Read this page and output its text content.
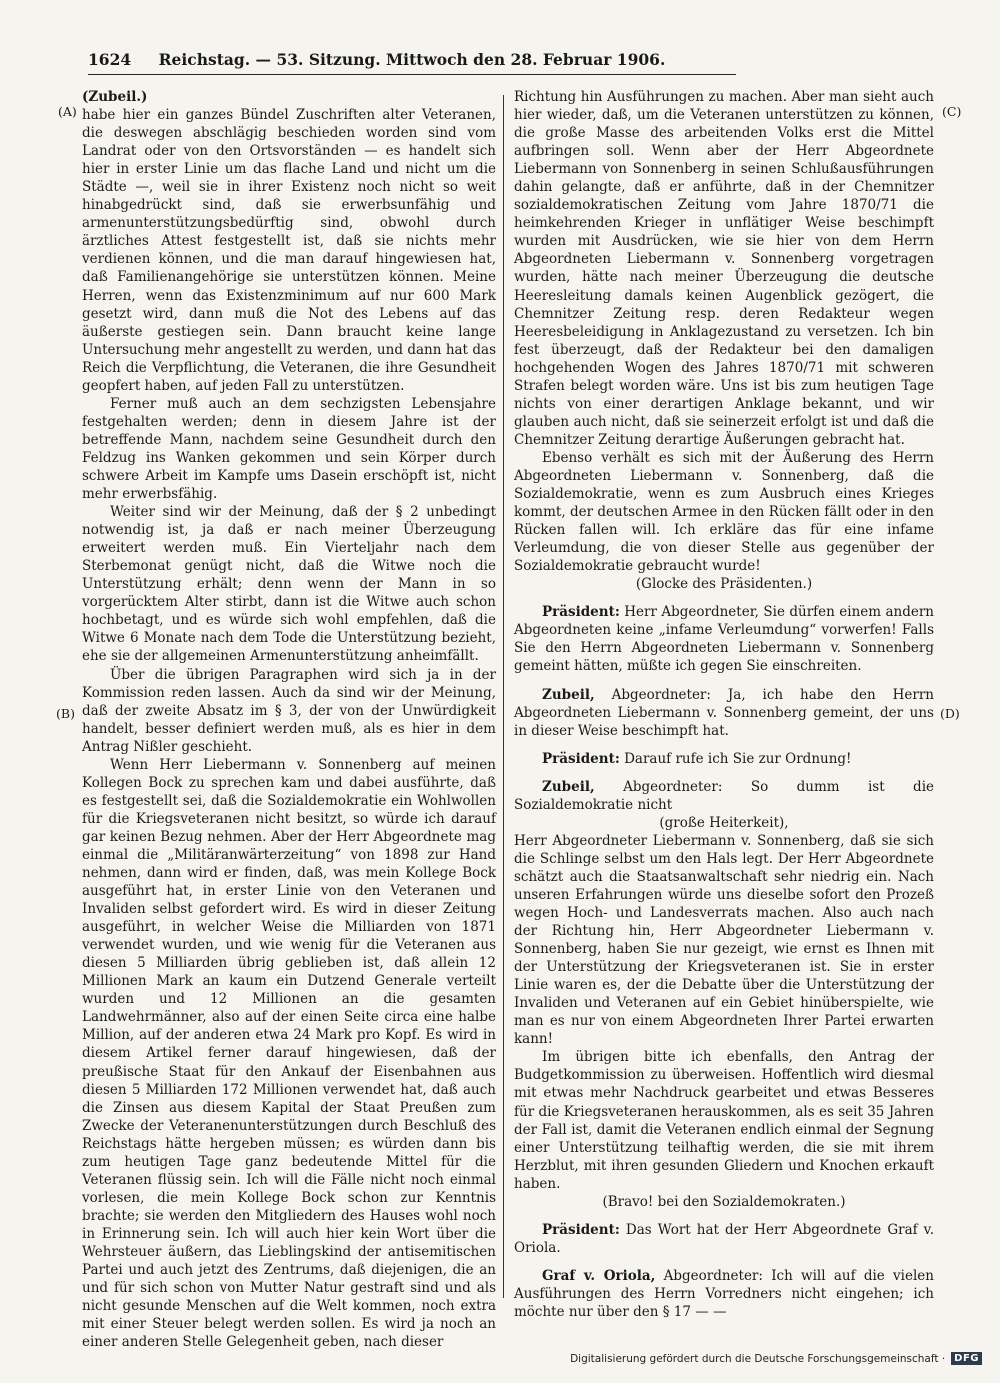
1624	Reichstag. — 53. Sitzung. Mittwoch den 28. Februar 1906.
(A)
(B)
(C)
(D)

(Zubeil.)

habe hier ein ganzes Bündel Zuschriften alter Veteranen, die deswegen abschlägig beschieden worden sind vom Landrat oder von den Ortsvorständen — es handelt sich hier in erster Linie um das flache Land und nicht um die Städte —, weil sie in ihrer Existenz noch nicht so weit hinabgedrückt sind, daß sie erwerbsunfähig und armenunterstützungsbedürftig sind, obwohl durch ärztliches Attest festgestellt ist, daß sie nichts mehr verdienen können, und die man darauf hingewiesen hat, daß Familienangehörige sie unterstützen können. Meine Herren, wenn das Existenzminimum auf nur 600 Mark gesetzt wird, dann muß die Not des Lebens auf das äußerste gestiegen sein. Dann braucht keine lange Untersuchung mehr angestellt zu werden, und dann hat das Reich die Verpflichtung, die Veteranen, die ihre Gesundheit geopfert haben, auf jeden Fall zu unterstützen.

Ferner muß auch an dem sechzigsten Lebensjahre festgehalten werden; denn in diesem Jahre ist der betreffende Mann, nachdem seine Gesundheit durch den Feldzug ins Wanken gekommen und sein Körper durch schwere Arbeit im Kampfe ums Dasein erschöpft ist, nicht mehr erwerbsfähig.

Weiter sind wir der Meinung, daß der § 2 unbedingt notwendig ist, ja daß er nach meiner Überzeugung erweitert werden muß. Ein Vierteljahr nach dem Sterbemonat genügt nicht, daß die Witwe noch die Unterstützung erhält; denn wenn der Mann in so vorgerücktem Alter stirbt, dann ist die Witwe auch schon hochbetagt, und es würde sich wohl empfehlen, daß die Witwe 6 Monate nach dem Tode die Unterstützung bezieht, ehe sie der allgemeinen Armenunterstützung anheimfällt.

Über die übrigen Paragraphen wird sich ja in der Kommission reden lassen. Auch da sind wir der Meinung, daß der zweite Absatz im § 3, der von der Unwürdigkeit handelt, besser definiert werden muß, als es hier in dem Antrag Nißler geschieht.

Wenn Herr Liebermann v. Sonnenberg auf meinen Kollegen Bock zu sprechen kam und dabei ausführte, daß es festgestellt sei, daß die Sozialdemokratie ein Wohlwollen für die Kriegsveteranen nicht besitzt, so würde ich darauf gar keinen Bezug nehmen. Aber der Herr Abgeordnete mag einmal die „Militäranwärterzeitung“ von 1898 zur Hand nehmen, dann wird er finden, daß, was mein Kollege Bock ausgeführt hat, in erster Linie von den Veteranen und Invaliden selbst gefordert wird. Es wird in dieser Zeitung ausgeführt, in welcher Weise die Milliarden von 1871 verwendet wurden, und wie wenig für die Veteranen aus diesen 5 Milliarden übrig geblieben ist, daß allein 12 Millionen Mark an kaum ein Dutzend Generale verteilt wurden und 12 Millionen an die gesamten Landwehrmänner, also auf der einen Seite circa eine halbe Million, auf der anderen etwa 24 Mark pro Kopf. Es wird in diesem Artikel ferner darauf hingewiesen, daß der preußische Staat für den Ankauf der Eisenbahnen aus diesen 5 Milliarden 172 Millionen verwendet hat, daß auch die Zinsen aus diesem Kapital der Staat Preußen zum Zwecke der Veteranenunterstützungen durch Beschluß des Reichstags hätte hergeben müssen; es würden dann bis zum heutigen Tage ganz bedeutende Mittel für die Veteranen flüssig sein. Ich will die Fälle nicht noch einmal vorlesen, die mein Kollege Bock schon zur Kenntnis brachte; sie werden den Mitgliedern des Hauses wohl noch in Erinnerung sein. Ich will auch hier kein Wort über die Wehrsteuer äußern, das Lieblingskind der antisemitischen Partei und auch jetzt des Zentrums, daß diejenigen, die an und für sich schon von Mutter Natur gestraft sind und als nicht gesunde Menschen auf die Welt kommen, noch extra mit einer Steuer belegt werden sollen. Es wird ja noch an einer anderen Stelle Gelegenheit geben, nach dieser

Richtung hin Ausführungen zu machen. Aber man sieht auch hier wieder, daß, um die Veteranen unterstützen zu können, die große Masse des arbeitenden Volks erst die Mittel aufbringen soll. Wenn aber der Herr Abgeordnete Liebermann von Sonnenberg in seinen Schlußausführungen dahin gelangte, daß er anführte, daß in der Chemnitzer sozialdemokratischen Zeitung vom Jahre 1870/71 die heimkehrenden Krieger in unflätiger Weise beschimpft wurden mit Ausdrücken, wie sie hier von dem Herrn Abgeordneten Liebermann v. Sonnenberg vorgetragen wurden, hätte nach meiner Überzeugung die deutsche Heeresleitung damals keinen Augenblick gezögert, die Chemnitzer Zeitung resp. deren Redakteur wegen Heeresbeleidigung in Anklagezustand zu versetzen. Ich bin fest überzeugt, daß der Redakteur bei den damaligen hochgehenden Wogen des Jahres 1870/71 mit schweren Strafen belegt worden wäre. Uns ist bis zum heutigen Tage nichts von einer derartigen Anklage bekannt, und wir glauben auch nicht, daß sie seinerzeit erfolgt ist und daß die Chemnitzer Zeitung derartige Äußerungen gebracht hat.

Ebenso verhält es sich mit der Äußerung des Herrn Abgeordneten Liebermann v. Sonnenberg, daß die Sozialdemokratie, wenn es zum Ausbruch eines Krieges kommt, der deutschen Armee in den Rücken fällt oder in den Rücken fallen will. Ich erkläre das für eine infame Verleumdung, die von dieser Stelle aus gegenüber der Sozialdemokratie gebraucht wurde!

(Glocke des Präsidenten.)

Präsident: Herr Abgeordneter, Sie dürfen einem andern Abgeordneten keine „infame Verleumdung“ vorwerfen! Falls Sie den Herrn Abgeordneten Liebermann v. Sonnenberg gemeint hätten, müßte ich gegen Sie einschreiten.

Zubeil, Abgeordneter: Ja, ich habe den Herrn Abgeordneten Liebermann v. Sonnenberg gemeint, der uns in dieser Weise beschimpft hat.

Präsident: Darauf rufe ich Sie zur Ordnung!

Zubeil, Abgeordneter: So dumm ist die Sozialdemokratie nicht

(große Heiterkeit),

Herr Abgeordneter Liebermann v. Sonnenberg, daß sie sich die Schlinge selbst um den Hals legt. Der Herr Abgeordnete schätzt auch die Staatsanwaltschaft sehr niedrig ein. Nach unseren Erfahrungen würde uns dieselbe sofort den Prozeß wegen Hoch- und Landesverrats machen. Also auch nach der Richtung hin, Herr Abgeordneter Liebermann v. Sonnenberg, haben Sie nur gezeigt, wie ernst es Ihnen mit der Unterstützung der Kriegsveteranen ist. Sie in erster Linie waren es, der die Debatte über die Unterstützung der Invaliden und Veteranen auf ein Gebiet hinüberspielte, wie man es nur von einem Abgeordneten Ihrer Partei erwarten kann!

Im übrigen bitte ich ebenfalls, den Antrag der Budgetkommission zu überweisen. Hoffentlich wird diesmal mit etwas mehr Nachdruck gearbeitet und etwas Besseres für die Kriegsveteranen herauskommen, als es seit 35 Jahren der Fall ist, damit die Veteranen endlich einmal der Segnung einer Unterstützung teilhaftig werden, die sie mit ihrem Herzblut, mit ihren gesunden Gliedern und Knochen erkauft haben.

(Bravo! bei den Sozialdemokraten.)

Präsident: Das Wort hat der Herr Abgeordnete Graf v. Oriola.

Graf v. Oriola, Abgeordneter: Ich will auf die vielen Ausführungen des Herrn Vorredners nicht eingehen; ich möchte nur über den § 17 — —

Digitalisierung gefördert durch die Deutsche Forschungsgemeinschaft · DFG
